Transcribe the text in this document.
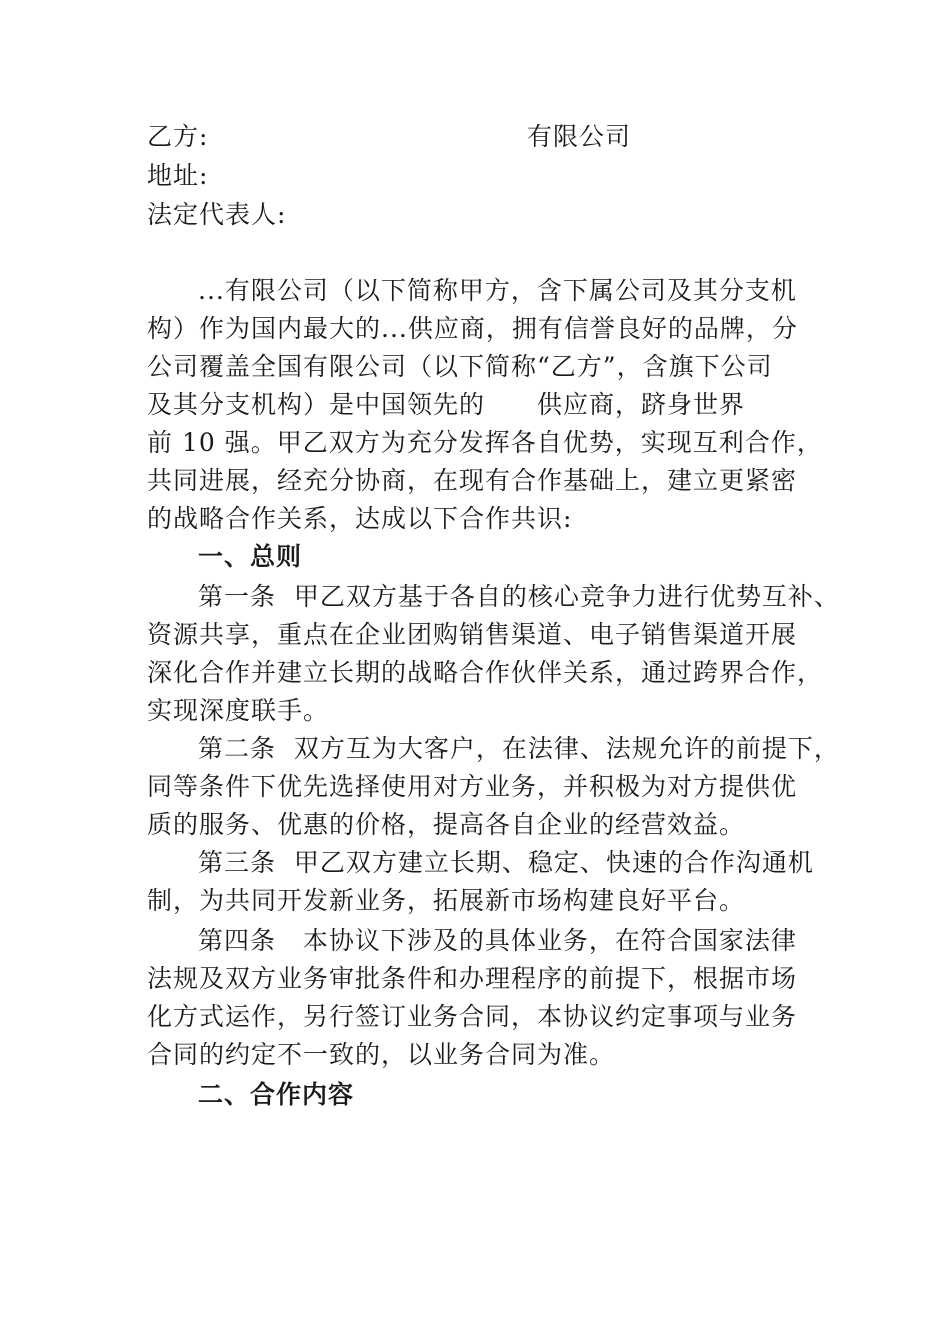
乙方:	有限公司
地址:
法定代表人:
...有限公司（以下简称甲方，含下属公司及其分支机
构）作为国内最大的...供应商，拥有信誉良好的品牌，分
公司覆盖全国有限公司（以下简称“乙方”，含旗下公司
及其分支机构）是中国领先的　　供应商，跻身世界
前 10 强。甲乙双方为充分发挥各自优势，实现互利合作，
共同进展，经充分协商，在现有合作基础上，建立更紧密
的战略合作关系，达成以下合作共识:
一、总则
第一条  甲乙双方基于各自的核心竞争力进行优势互补、
资源共享，重点在企业团购销售渠道、电子销售渠道开展
深化合作并建立长期的战略合作伙伴关系，通过跨界合作，
实现深度联手。
第二条  双方互为大客户，在法律、法规允许的前提下，
同等条件下优先选择使用对方业务，并积极为对方提供优
质的服务、优惠的价格，提高各自企业的经营效益。
第三条  甲乙双方建立长期、稳定、快速的合作沟通机
制，为共同开发新业务，拓展新市场构建良好平台。
第四条   本协议下涉及的具体业务，在符合国家法律
法规及双方业务审批条件和办理程序的前提下，根据市场
化方式运作，另行签订业务合同，本协议约定事项与业务
合同的约定不一致的，以业务合同为准。
二、合作内容
